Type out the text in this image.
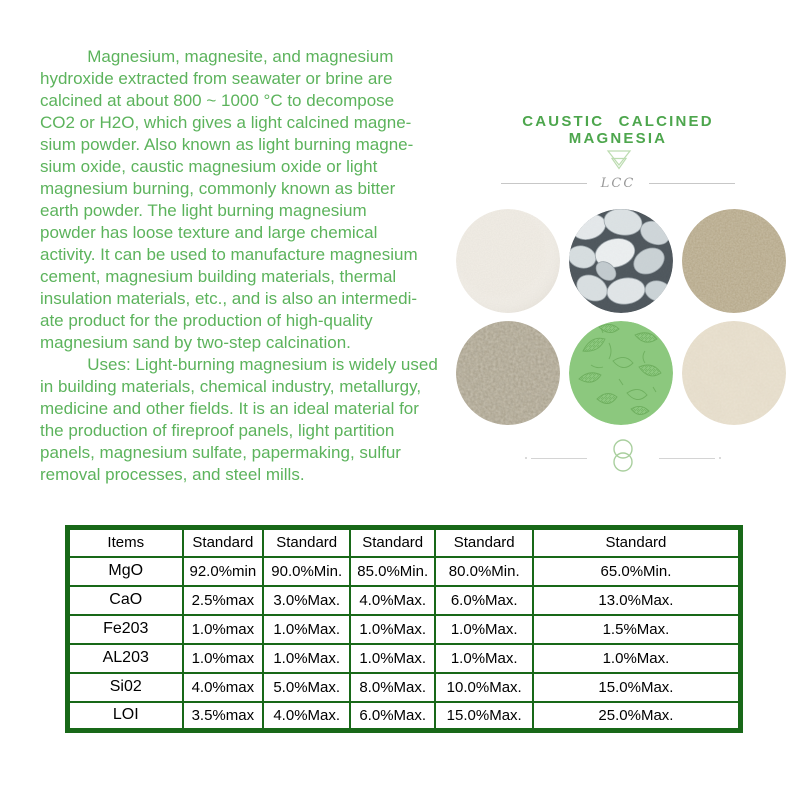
Magnesium, magnesite, and magnesium
hydroxide extracted from seawater or brine are
calcined at about 800 ~ 1000 °C to decompose
CO2 or H2O, which gives a light calcined magne-
sium powder. Also known as light burning magne-
sium oxide, caustic magnesium oxide or light
magnesium burning, commonly known as bitter
earth powder. The light burning magnesium
powder has loose texture and large chemical
activity. It can be used to manufacture magnesium
cement, magnesium building materials, thermal
insulation materials, etc., and is also an intermedi-
ate product for the production of high-quality
magnesium sand by two-step calcination.
Uses: Light-burning magnesium is widely used
in building materials, chemical industry, metallurgy,
medicine and other fields. It is an ideal material for
the production of fireproof panels, light partition
panels, magnesium sulfate, papermaking, sulfur
removal processes, and steel mills.
CAUSTIC CALCINED MAGNESIA
LCC
Items	Standard	Standard	Standard	Standard	Standard
MgO	92.0%min	90.0%Min.	85.0%Min.	80.0%Min.	65.0%Min.
CaO	2.5%max	3.0%Max.	4.0%Max.	6.0%Max.	13.0%Max.
Fe203	1.0%max	1.0%Max.	1.0%Max.	1.0%Max.	1.5%Max.
AL203	1.0%max	1.0%Max.	1.0%Max.	1.0%Max.	1.0%Max.
Si02	4.0%max	5.0%Max.	8.0%Max.	10.0%Max.	15.0%Max.
LOI	3.5%max	4.0%Max.	6.0%Max.	15.0%Max.	25.0%Max.
